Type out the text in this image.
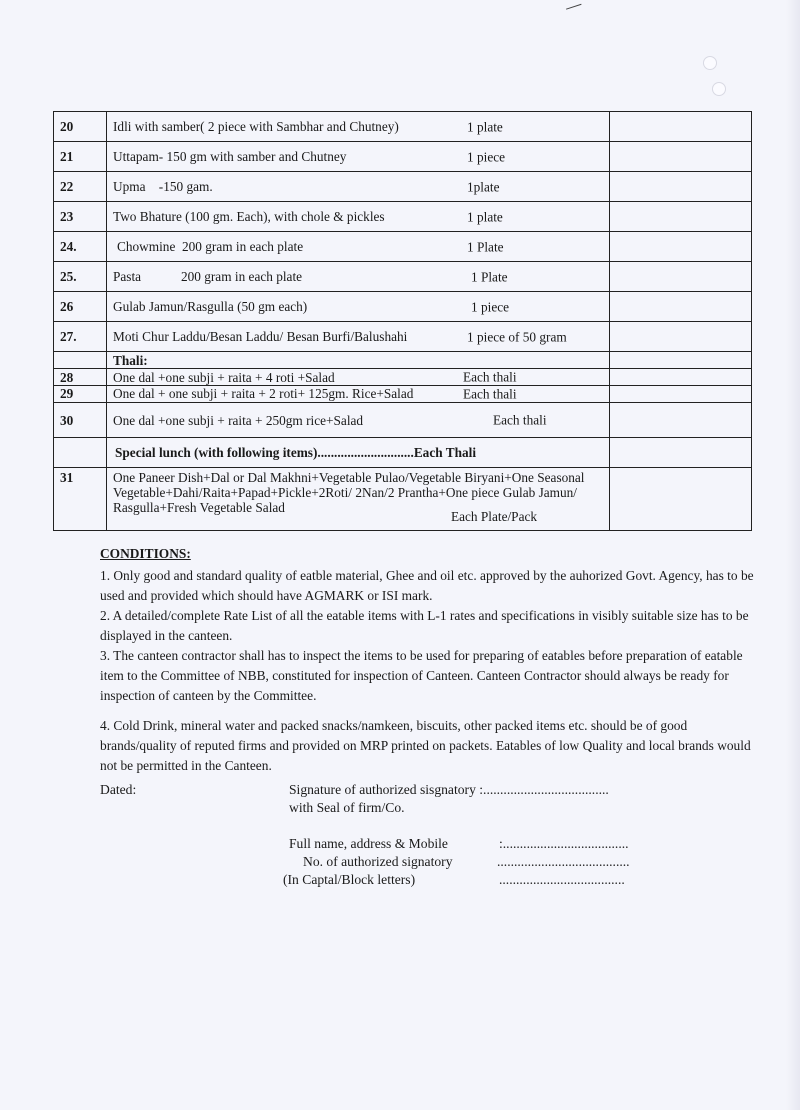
20	Idli with samber( 2 piece with Sambhar and Chutney) 1 plate	

21	Uttapam- 150 gm with samber and Chutney 1 piece	

22	Upma    -150 gam. 1plate	

23	Two Bhature (100 gm. Each), with chole & pickles 1 plate	

24.	Chowmine  200 gram in each plate 1 Plate	

25.	Pasta            200 gram in each plate 1 Plate	

26	Gulab Jamun/Rasgulla (50 gm each) 1 piece	

27.	Moti Chur Laddu/Besan Laddu/ Besan Burfi/Balushahi 1 piece of 50 gram	

	Thali:	
28	One dal +one subji + raita + 4 roti +Salad Each thali	

29	One dal + one subji + raita + 2 roti+ 125gm. Rice+Salad Each thali	

30	One dal +one subji + raita + 250gm rice+Salad Each thali	

	Special lunch (with following items).............................Each Thali	
31	One Paneer Dish+Dal or Dal Makhni+Vegetable Pulao/Vegetable Biryani+One Seasonal Vegetable+Dahi/Raita+Papad+Pickle+2Roti/ 2Nan/2 Prantha+One piece Gulab Jamun/ Rasgulla+Fresh Vegetable Salad
Each Plate/Pack	

CONDITIONS:

1. Only good and standard quality of eatble material, Ghee and oil etc. approved by the auhorized Govt. Agency, has to be used and provided which should have AGMARK or ISI mark.

2. A detailed/complete Rate List of all the eatable items with L-1 rates and specifications in visibly suitable size has to be displayed in the canteen.

3. The canteen contractor shall has to inspect the items to be used for preparing of eatables before preparation of eatable item to the Committee of NBB, constituted for inspection of Canteen. Canteen Contractor should always be ready for inspection of canteen by the Committee.

4. Cold Drink, mineral water and packed snacks/namkeen, biscuits, other packed items etc. should be of good brands/quality of reputed firms and provided on MRP printed on packets. Eatables of low Quality and local brands would not be permitted in the Canteen.

Dated:	Signature of authorized sisgnatory :.....................................
with Seal of firm/Co.
Full name, address & Mobile	:.....................................
No. of authorized signatory	.......................................
(In Captal/Block letters)	.....................................
